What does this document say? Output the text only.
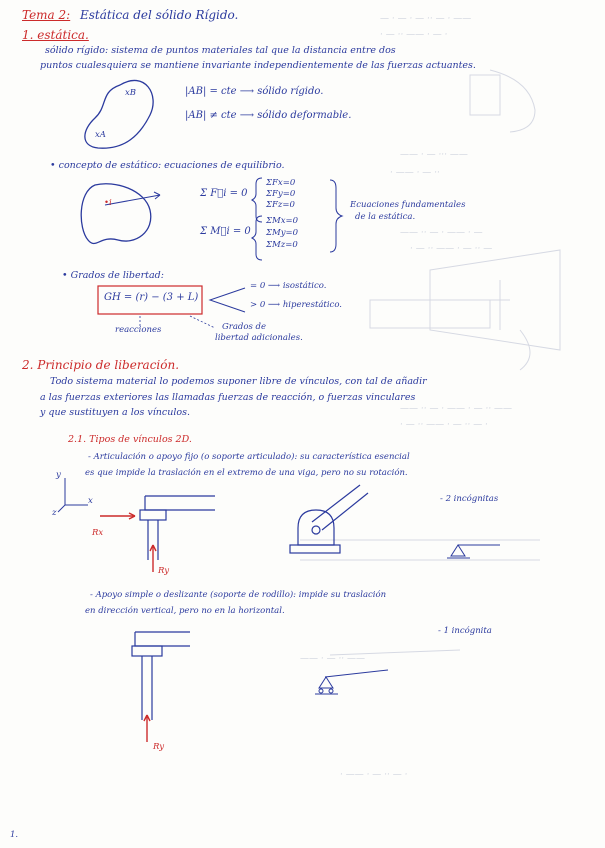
— · — · — ·· — · ——
· — ·· —— · — ·
—— · — ··· ——
· —— · — ··
—— ·· — · —— · —
· — ·· —— · — ·· —
—— ·· — · —— · — ·· ——
· — ·· —— · — ·· — ·
—— · — ·· ——
· —— · — ·· — ·
Tema 2: Estática del sólido Rígido.
1. estática.
sólido rígido: sistema de puntos materiales tal que la distancia entre dos
puntos cualesquiera se mantiene invariante independientemente de las fuerzas actuantes.
xB
xA
|AB| = cte ⟶ sólido rígido.
|AB| ≠ cte ⟶ sólido deformable.
• concepto de estático: ecuaciones de equilibrio.
•i
Σ F⃗i = 0
ΣFx=0
ΣFy=0
ΣFz=0
Σ M⃗i = 0
ΣMx=0
ΣMy=0
ΣMz=0
Ecuaciones fundamentales
de la estática.
• Grados de libertad:
GH = (r) − (3 + L)
= 0 ⟶ isostático.
> 0 ⟶ hiperestático.
reacciones	Grados de
libertad adicionales.
2. Principio de liberación.
Todo sistema material lo podemos suponer libre de vínculos, con tal de añadir
a las fuerzas exteriores las llamadas fuerzas de reacción, o fuerzas vinculares
y que sustituyen a los vínculos.
2.1. Tipos de vínculos 2D.
- Articulación o apoyo fijo (o soporte articulado): su característica esencial
es que impide la traslación en el extremo de una viga, pero no su rotación.
- 2 incógnitas
y
x
z
Rx
Ry
- Apoyo simple o deslizante (soporte de rodillo): impide su traslación
en dirección vertical, pero no en la horizontal.
- 1 incógnita
Ry
1.
